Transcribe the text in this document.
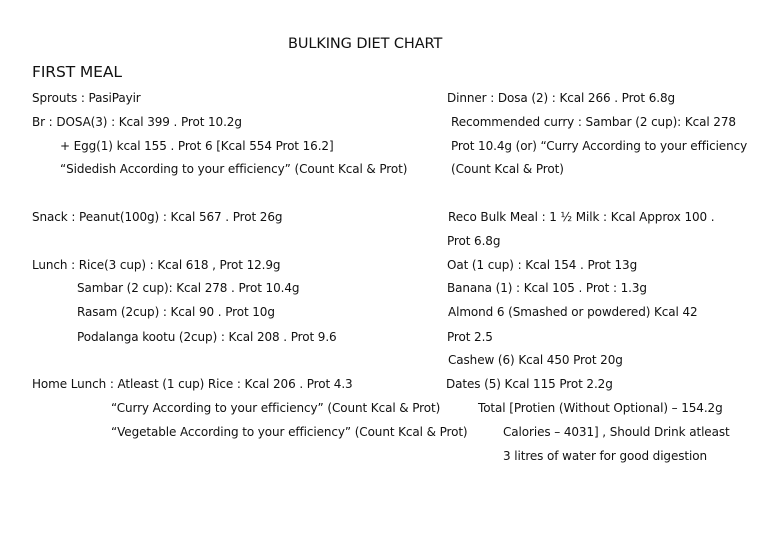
BULKING DIET CHART
FIRST MEAL
Sprouts : PasiPayir
Br : DOSA(3) : Kcal 399 . Prot 10.2g
+ Egg(1) kcal 155 . Prot 6 [Kcal 554 Prot 16.2]
“Sidedish According to your efficiency” (Count Kcal & Prot)
Snack : Peanut(100g) : Kcal 567 . Prot 26g
Lunch : Rice(3 cup) : Kcal 618 , Prot 12.9g
Sambar (2 cup): Kcal 278 . Prot 10.4g
Rasam (2cup) : Kcal 90 . Prot 10g
Podalanga kootu (2cup) : Kcal 208 . Prot 9.6
Home Lunch : Atleast (1 cup) Rice : Kcal 206 . Prot 4.3
“Curry According to your efficiency” (Count Kcal & Prot)
“Vegetable According to your efficiency” (Count Kcal & Prot)
Dinner : Dosa (2) : Kcal 266 . Prot 6.8g
Recommended curry : Sambar (2 cup): Kcal 278
Prot 10.4g (or) “Curry According to your efficiency
(Count Kcal & Prot)
Reco Bulk Meal : 1 ½ Milk : Kcal Approx 100 .
Prot 6.8g
Oat (1 cup) : Kcal 154 . Prot 13g
Banana (1) : Kcal 105 . Prot : 1.3g
Almond 6 (Smashed or powdered) Kcal 42
Prot 2.5
Cashew (6) Kcal 450 Prot 20g
Dates (5) Kcal 115 Prot 2.2g
Total [Protien (Without Optional) – 154.2g
Calories – 4031] , Should Drink atleast
3 litres of water for good digestion
